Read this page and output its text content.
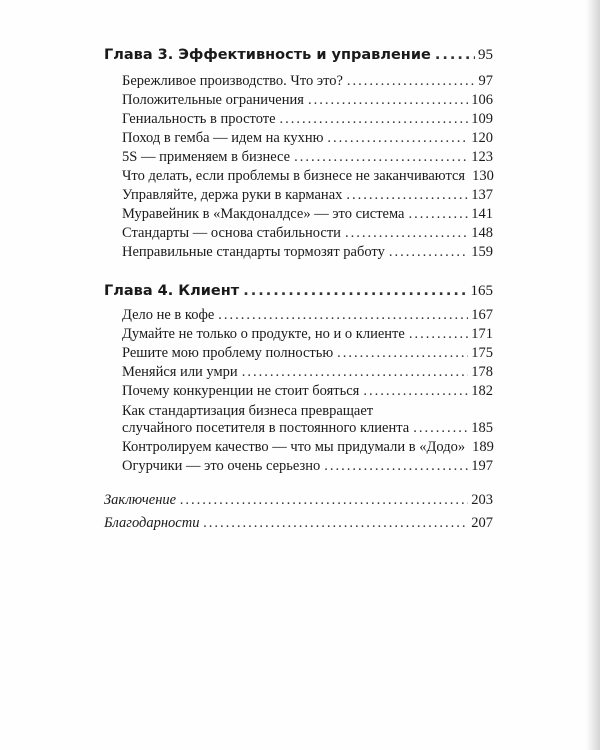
Глава 3. Эффективность и управление .....	95
Бережливое производство. Что это? .....	97
Положительные ограничения .....	106
Гениальность в простоте .....	109
Поход в гемба — идем на кухню .....	120
5S — применяем в бизнесе .....	123
Что делать, если проблемы в бизнесе не заканчиваются 130
Управляйте, держа руки в карманах .....	137
Муравейник в «Макдоналдсе» — это система .....	141
Стандарты — основа стабильности .....	148
Неправильные стандарты тормозят работу .....	159
Глава 4. Клиент .....	165
Дело не в кофе .....	167
Думайте не только о продукте, но и о клиенте .....	171
Решите мою проблему полностью .....	175
Меняйся или умри .....	178
Почему конкуренции не стоит бояться .....	182
Как стандартизация бизнеса превращает
случайного посетителя в постоянного клиента .....	185
Контролируем качество — что мы придумали в «Додо» 189
Огурчики — это очень серьезно .....	197
Заключение .....	203
Благодарности .....	207
